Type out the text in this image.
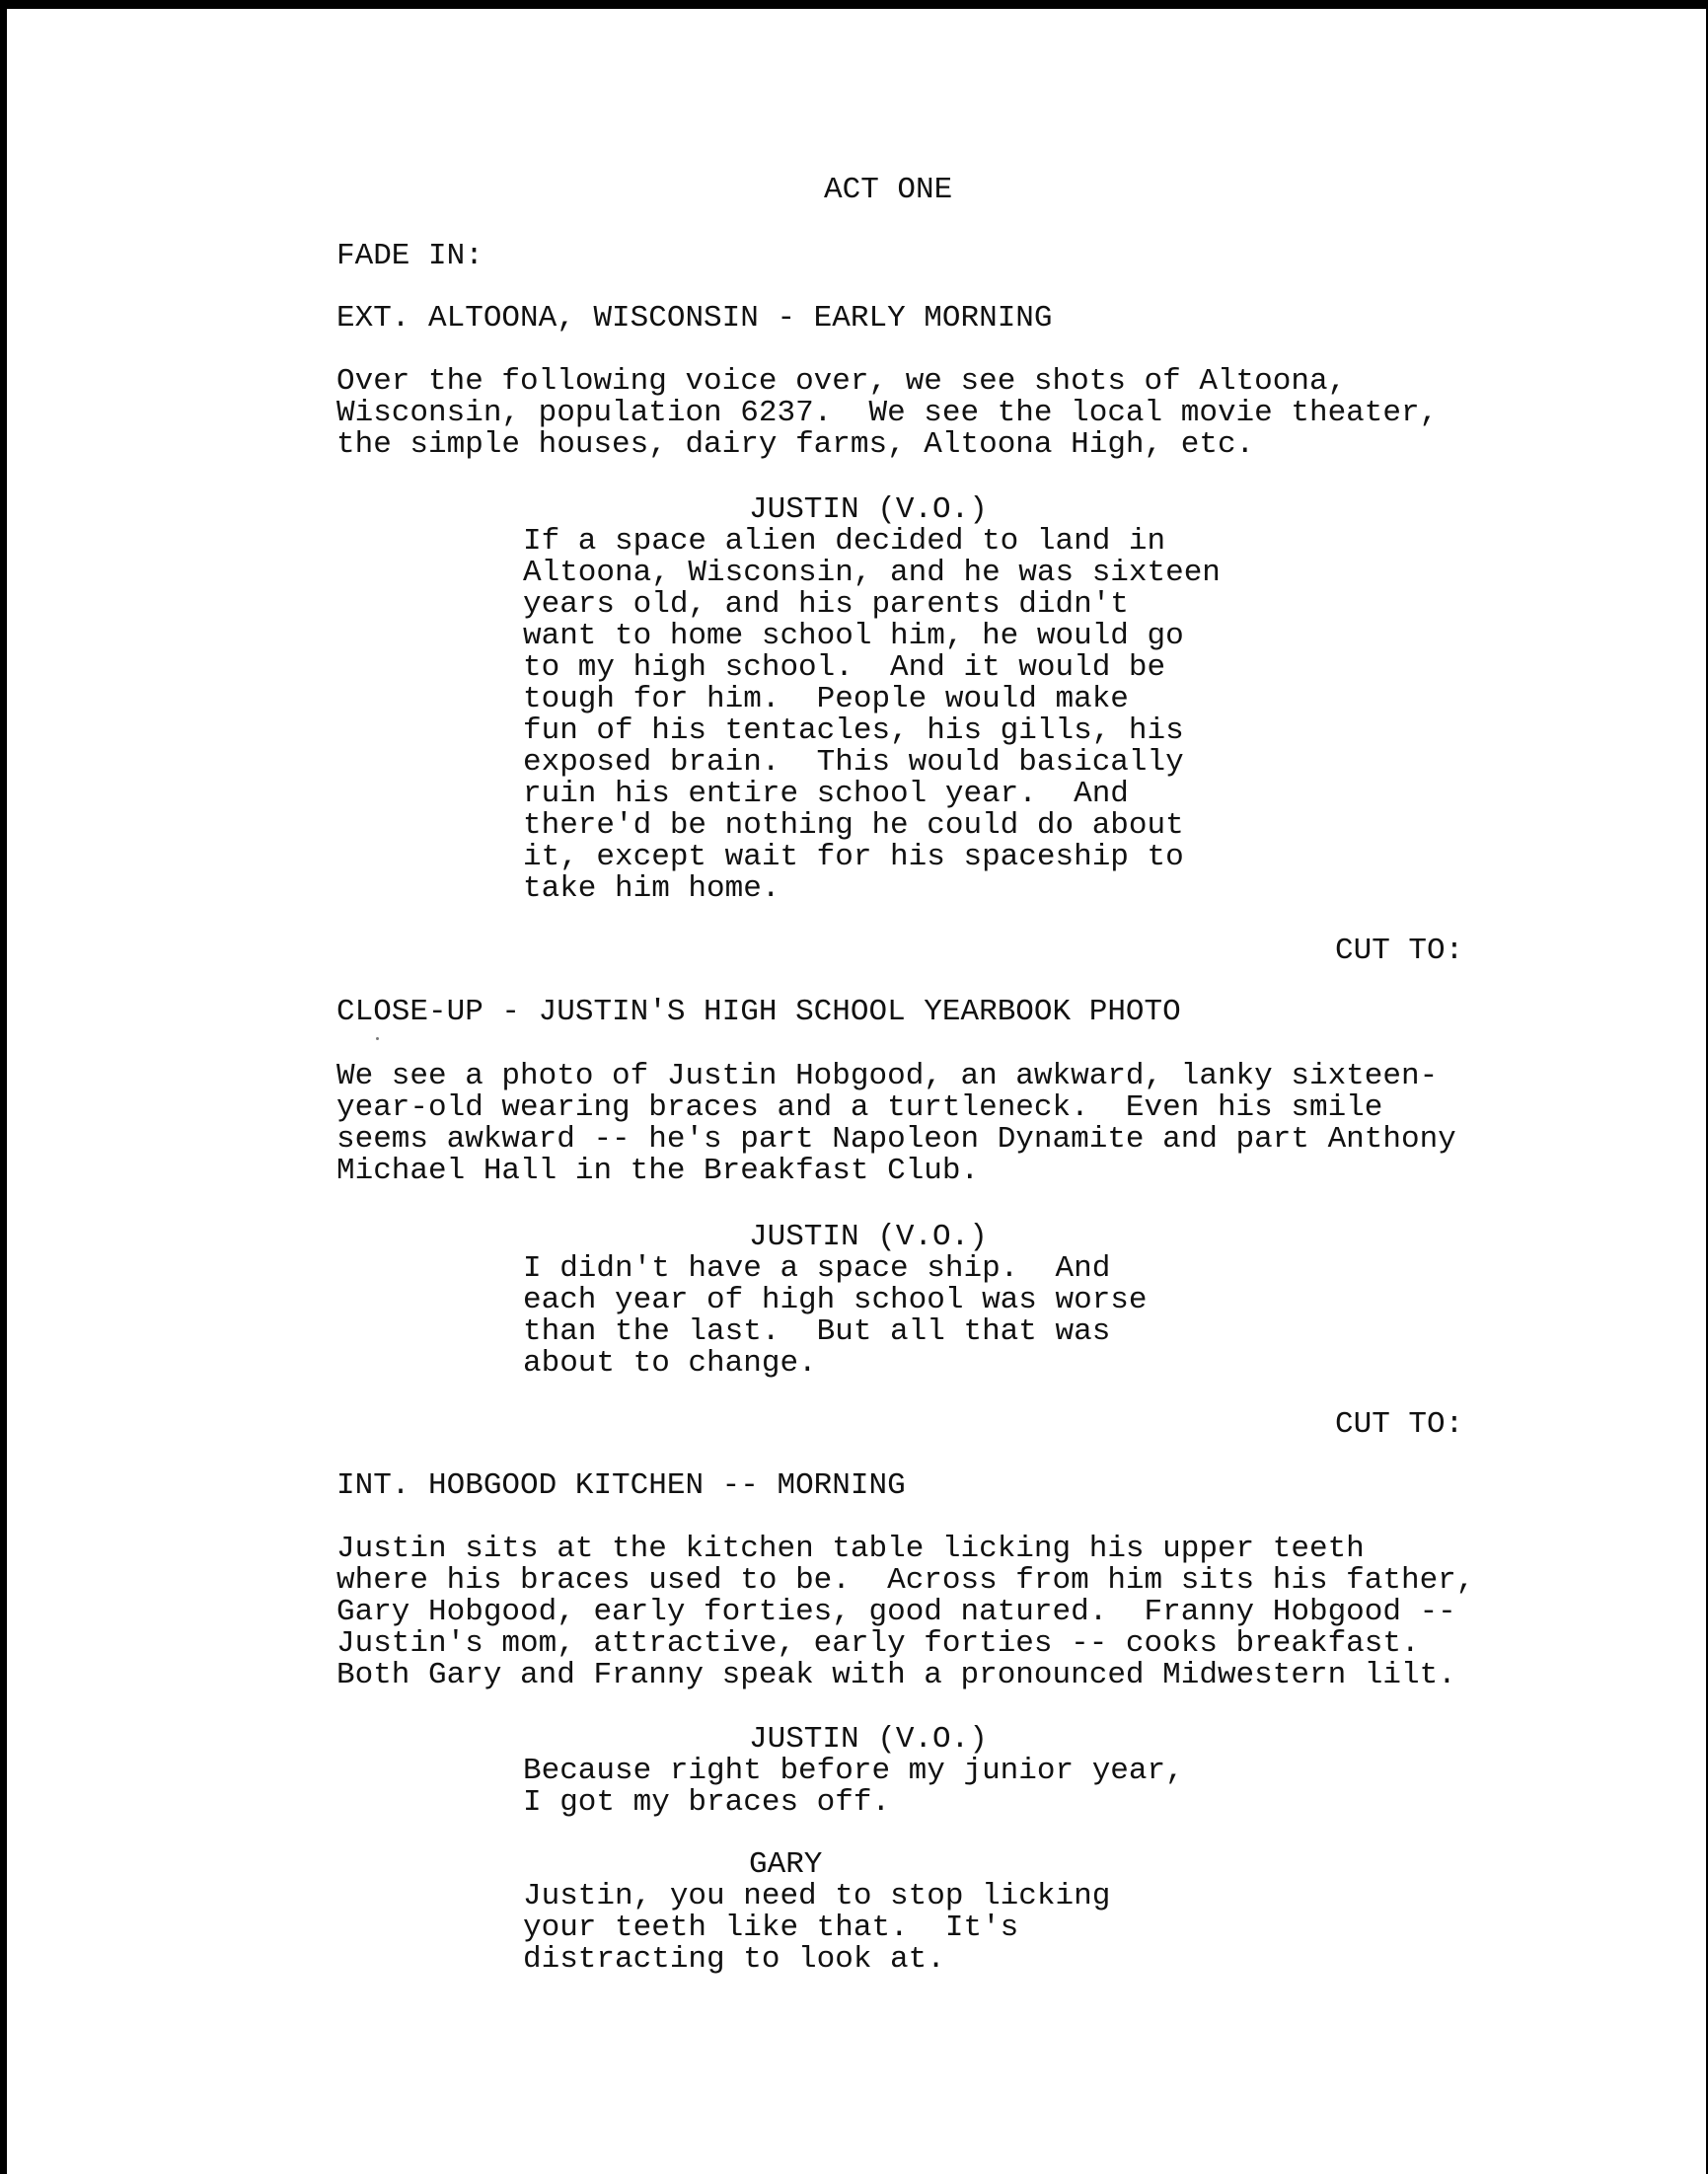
ACT ONE

FADE IN:

EXT. ALTOONA, WISCONSIN - EARLY MORNING

Over the following voice over, we see shots of Altoona,
Wisconsin, population 6237.  We see the local movie theater,
the simple houses, dairy farms, Altoona High, etc.

JUSTIN (V.O.)

If a space alien decided to land in
Altoona, Wisconsin, and he was sixteen
years old, and his parents didn't
want to home school him, he would go
to my high school.  And it would be
tough for him.  People would make
fun of his tentacles, his gills, his
exposed brain.  This would basically
ruin his entire school year.  And
there'd be nothing he could do about
it, except wait for his spaceship to
take him home.

CUT TO:

CLOSE-UP - JUSTIN'S HIGH SCHOOL YEARBOOK PHOTO

We see a photo of Justin Hobgood, an awkward, lanky sixteen-
year-old wearing braces and a turtleneck.  Even his smile
seems awkward -- he's part Napoleon Dynamite and part Anthony
Michael Hall in the Breakfast Club.

JUSTIN (V.O.)

I didn't have a space ship.  And
each year of high school was worse
than the last.  But all that was
about to change.

CUT TO:

INT. HOBGOOD KITCHEN -- MORNING

Justin sits at the kitchen table licking his upper teeth
where his braces used to be.  Across from him sits his father,
Gary Hobgood, early forties, good natured.  Franny Hobgood --
Justin's mom, attractive, early forties -- cooks breakfast.
Both Gary and Franny speak with a pronounced Midwestern lilt.

JUSTIN (V.O.)

Because right before my junior year,
I got my braces off.

GARY

Justin, you need to stop licking
your teeth like that.  It's
distracting to look at.
